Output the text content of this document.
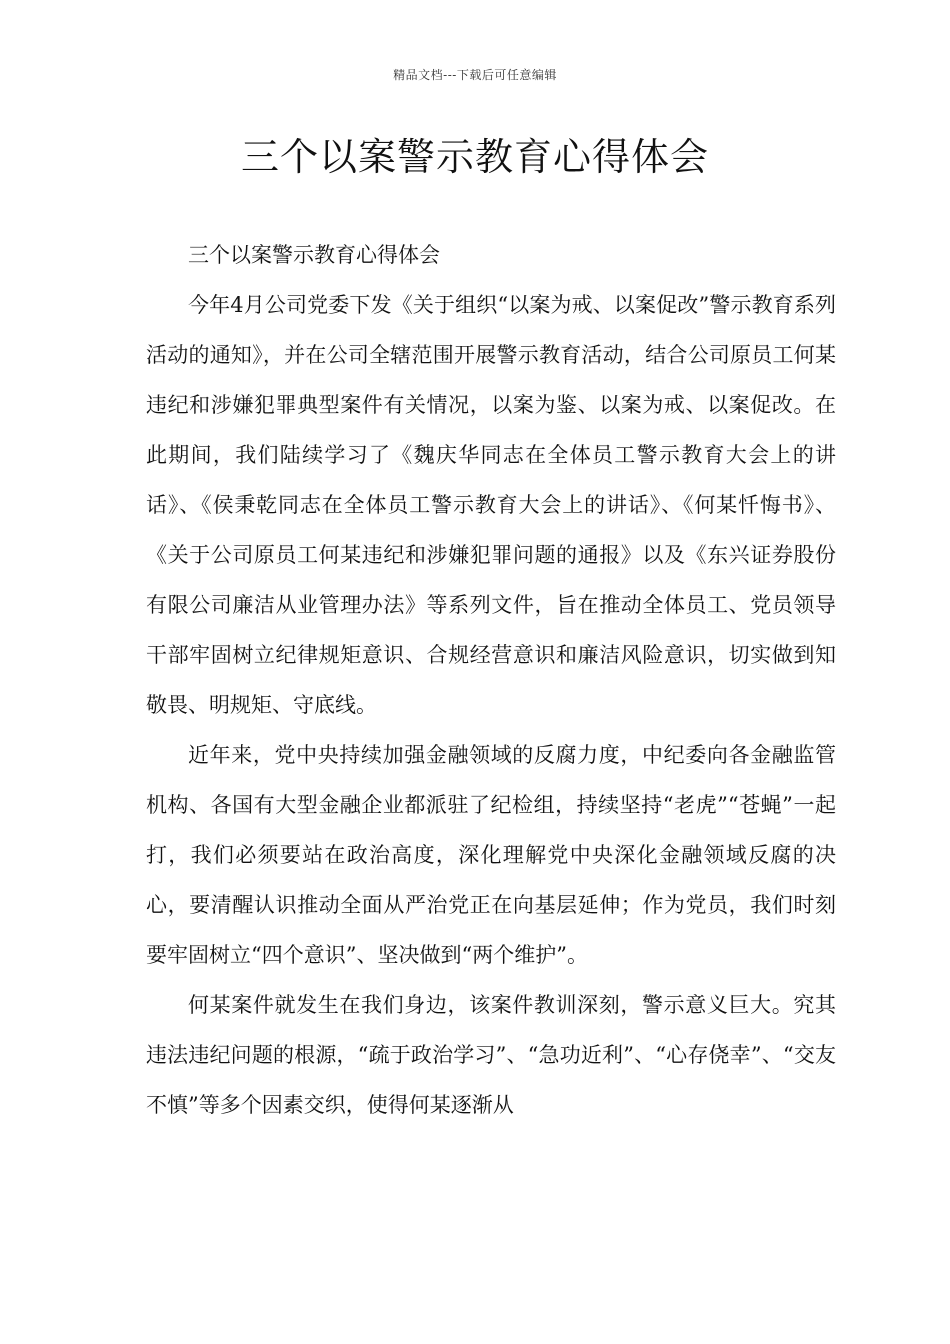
精品文档---下载后可任意编辑
三个以案警示教育心得体会

三个以案警示教育心得体会

今年4月公司党委下发《关于组织“以案为戒、以案促改”警示教育系列活动的通知》，并在公司全辖范围开展警示教育活动，结合公司原员工何某违纪和涉嫌犯罪典型案件有关情况，以案为鉴、以案为戒、以案促改。在此期间，我们陆续学习了《魏庆华同志在全体员工警示教育大会上的讲话》、《侯秉乾同志在全体员工警示教育大会上的讲话》、《何某忏悔书》、《关于公司原员工何某违纪和涉嫌犯罪问题的通报》以及《东兴证券股份有限公司廉洁从业管理办法》等系列文件，旨在推动全体员工、党员领导干部牢固树立纪律规矩意识、合规经营意识和廉洁风险意识，切实做到知敬畏、明规矩、守底线。

近年来，党中央持续加强金融领域的反腐力度，中纪委向各金融监管机构、各国有大型金融企业都派驻了纪检组，持续坚持“老虎”“苍蝇”一起打，我们必须要站在政治高度，深化理解党中央深化金融领域反腐的决心，要清醒认识推动全面从严治党正在向基层延伸；作为党员，我们时刻要牢固树立“四个意识”、坚决做到“两个维护”。

何某案件就发生在我们身边，该案件教训深刻，警示意义巨大。究其违法违纪问题的根源，“疏于政治学习”、“急功近利”、“心存侥幸”、“交友不慎”等多个因素交织，使得何某逐渐从
